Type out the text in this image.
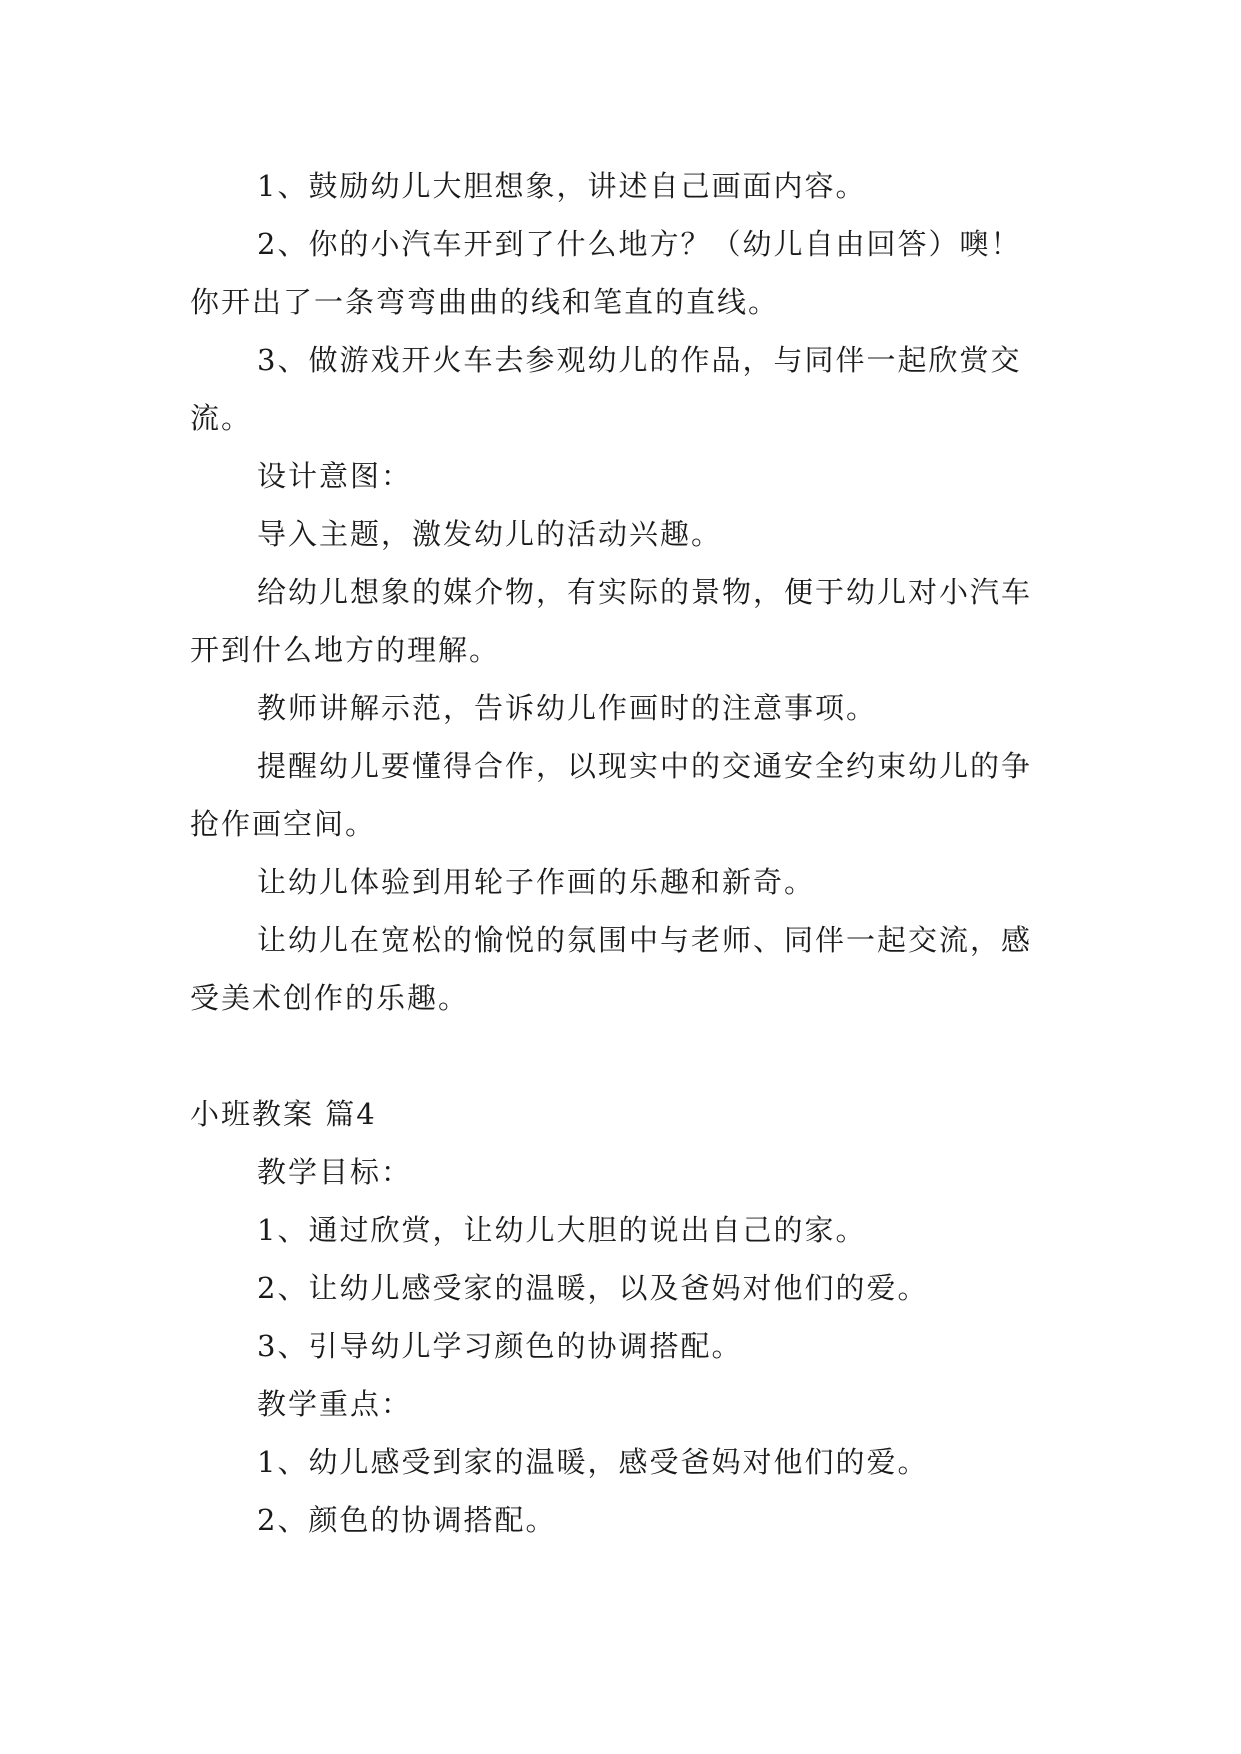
1、鼓励幼儿大胆想象，讲述自己画面内容。

2、你的小汽车开到了什么地方？（幼儿自由回答）噢！你开出了一条弯弯曲曲的线和笔直的直线。

3、做游戏开火车去参观幼儿的作品，与同伴一起欣赏交流。

设计意图：

导入主题，激发幼儿的活动兴趣。

给幼儿想象的媒介物，有实际的景物，便于幼儿对小汽车开到什么地方的理解。

教师讲解示范，告诉幼儿作画时的注意事项。

提醒幼儿要懂得合作，以现实中的交通安全约束幼儿的争抢作画空间。

让幼儿体验到用轮子作画的乐趣和新奇。

让幼儿在宽松的愉悦的氛围中与老师、同伴一起交流，感受美术创作的乐趣。

小班教案 篇4

教学目标：

1、通过欣赏，让幼儿大胆的说出自己的家。

2、让幼儿感受家的温暖，以及爸妈对他们的爱。

3、引导幼儿学习颜色的协调搭配。

教学重点：

1、幼儿感受到家的温暖，感受爸妈对他们的爱。

2、颜色的协调搭配。
